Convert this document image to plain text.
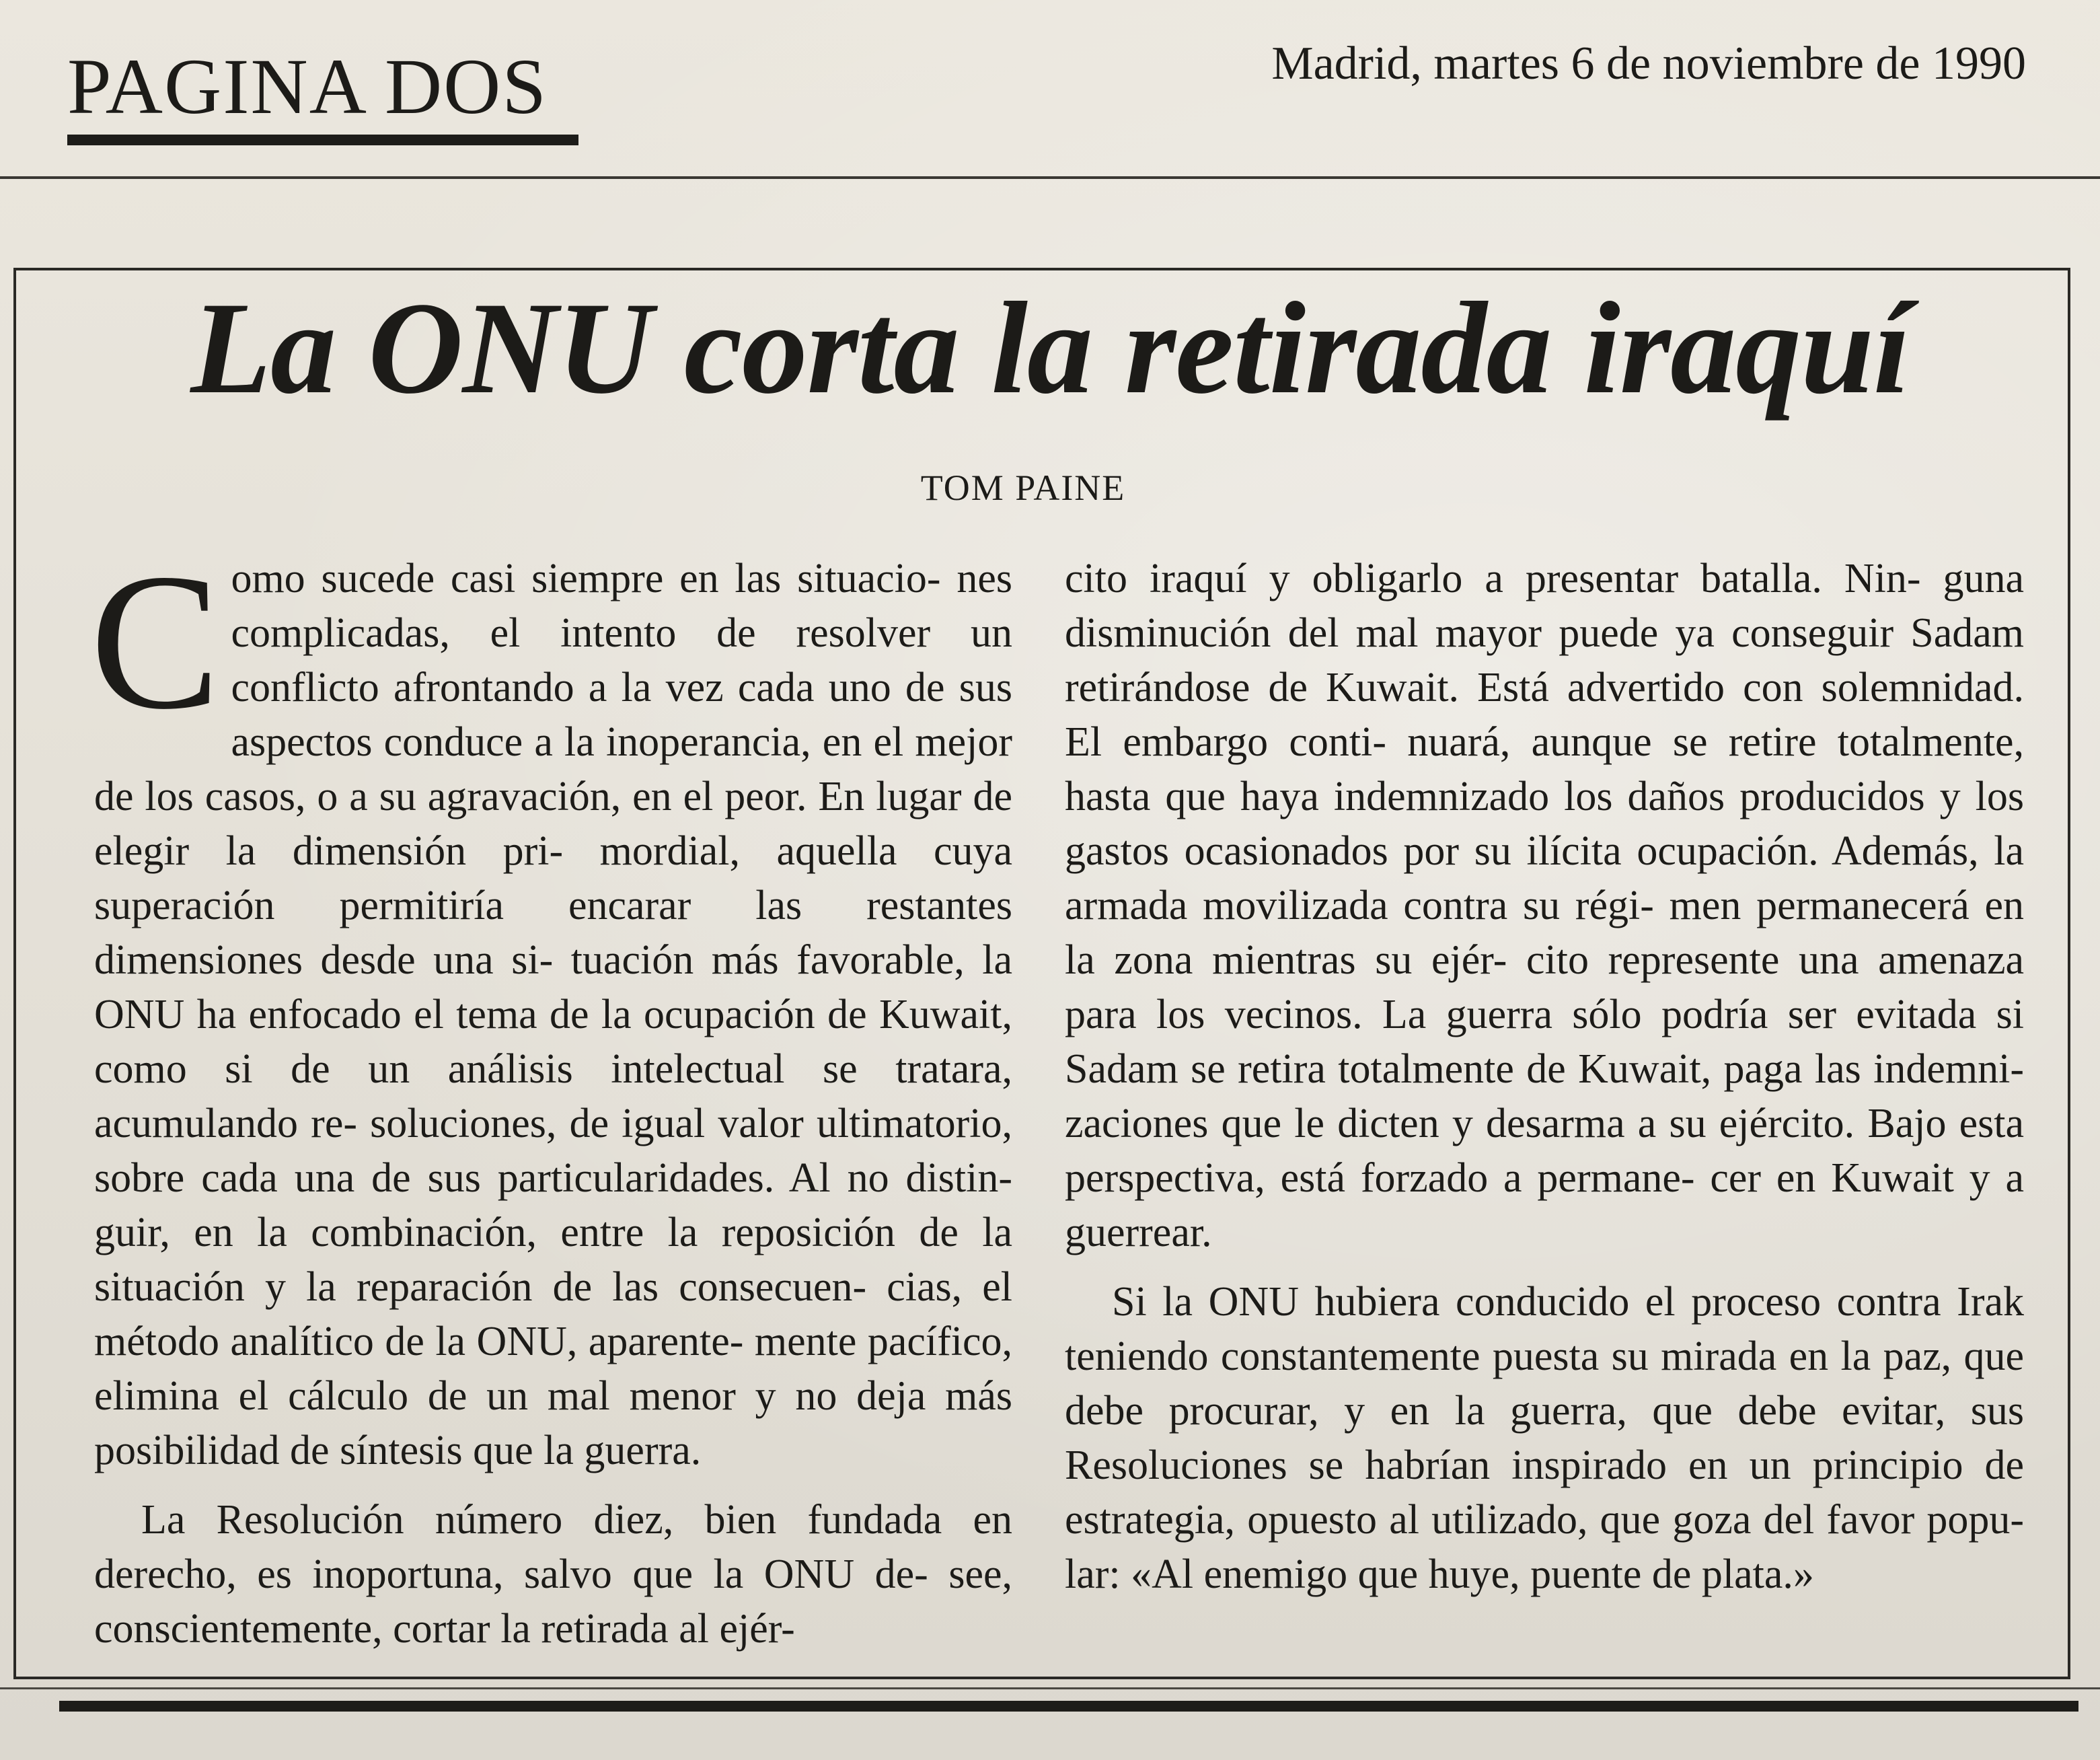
PAGINA DOS	Madrid, martes 6 de noviembre de 1990
La ONU corta la retirada iraquí
TOM PAINE
C omo sucede casi siempre en las situacio- nes complicadas, el intento de resolver un conflicto afrontando a la vez cada uno de sus aspectos conduce a la inoperancia, en el mejor de los casos, o a su agravación, en el peor. En lugar de elegir la dimensión pri- mordial, aquella cuya superación permitiría encarar las restantes dimensiones desde una si- tuación más favorable, la ONU ha enfocado el tema de la ocupación de Kuwait, como si de un análisis intelectual se tratara, acumulando re- soluciones, de igual valor ultimatorio, sobre cada una de sus particularidades. Al no distin- guir, en la combinación, entre la reposición de la situación y la reparación de las consecuen- cias, el método analítico de la ONU, aparente- mente pacífico, elimina el cálculo de un mal menor y no deja más posibilidad de síntesis que la guerra.

La Resolución número diez, bien fundada en derecho, es inoportuna, salvo que la ONU de- see, conscientemente, cortar la retirada al ejér-

cito iraquí y obligarlo a presentar batalla. Nin- guna disminución del mal mayor puede ya conseguir Sadam retirándose de Kuwait. Está advertido con solemnidad. El embargo conti- nuará, aunque se retire totalmente, hasta que haya indemnizado los daños producidos y los gastos ocasionados por su ilícita ocupación. Además, la armada movilizada contra su régi- men permanecerá en la zona mientras su ejér- cito represente una amenaza para los vecinos. La guerra sólo podría ser evitada si Sadam se retira totalmente de Kuwait, paga las indemni- zaciones que le dicten y desarma a su ejército. Bajo esta perspectiva, está forzado a permane- cer en Kuwait y a guerrear.

Si la ONU hubiera conducido el proceso contra Irak teniendo constantemente puesta su mirada en la paz, que debe procurar, y en la guerra, que debe evitar, sus Resoluciones se habrían inspirado en un principio de estrategia, opuesto al utilizado, que goza del favor popu- lar: «Al enemigo que huye, puente de plata.»
